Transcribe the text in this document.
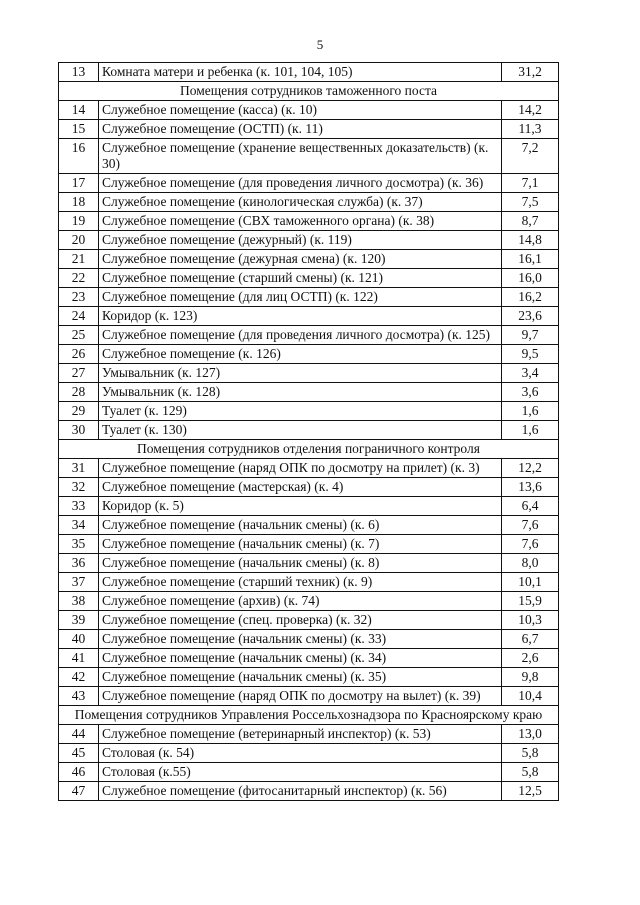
5
13	Комната матери и ребенка (к. 101, 104, 105)	31,2
Помещения сотрудников таможенного поста		
14	Служебное помещение (касса) (к. 10)	14,2
15	Служебное помещение (ОСТП) (к. 11)	11,3
16	Служебное помещение (хранение вещественных доказательств) (к. 30)	7,2
17	Служебное помещение (для проведения личного досмотра) (к. 36)	7,1
18	Служебное помещение (кинологическая служба) (к. 37)	7,5
19	Служебное помещение (СВХ таможенного органа) (к. 38)	8,7
20	Служебное помещение (дежурный) (к. 119)	14,8
21	Служебное помещение (дежурная смена) (к. 120)	16,1
22	Служебное помещение (старший смены) (к. 121)	16,0
23	Служебное помещение (для лиц ОСТП) (к. 122)	16,2
24	Коридор (к. 123)	23,6
25	Служебное помещение (для проведения личного досмотра) (к. 125)	9,7
26	Служебное помещение (к. 126)	9,5
27	Умывальник (к. 127)	3,4
28	Умывальник (к. 128)	3,6
29	Туалет (к. 129)	1,6
30	Туалет (к. 130)	1,6
Помещения сотрудников отделения пограничного контроля		
31	Служебное помещение (наряд ОПК по досмотру на прилет) (к. 3)	12,2
32	Служебное помещение (мастерская) (к. 4)	13,6
33	Коридор (к. 5)	6,4
34	Служебное помещение (начальник смены) (к. 6)	7,6
35	Служебное помещение (начальник смены) (к. 7)	7,6
36	Служебное помещение (начальник смены) (к. 8)	8,0
37	Служебное помещение (старший техник) (к. 9)	10,1
38	Служебное помещение (архив) (к. 74)	15,9
39	Служебное помещение (спец. проверка) (к. 32)	10,3
40	Служебное помещение (начальник смены) (к. 33)	6,7
41	Служебное помещение (начальник смены) (к. 34)	2,6
42	Служебное помещение (начальник смены) (к. 35)	9,8
43	Служебное помещение (наряд ОПК по досмотру на вылет) (к. 39)	10,4
Помещения сотрудников Управления Россельхознадзора по Красноярскому краю		
44	Служебное помещение (ветеринарный инспектор) (к. 53)	13,0
45	Столовая (к. 54)	5,8
46	Столовая (к.55)	5,8
47	Служебное помещение (фитосанитарный инспектор) (к. 56)	12,5
